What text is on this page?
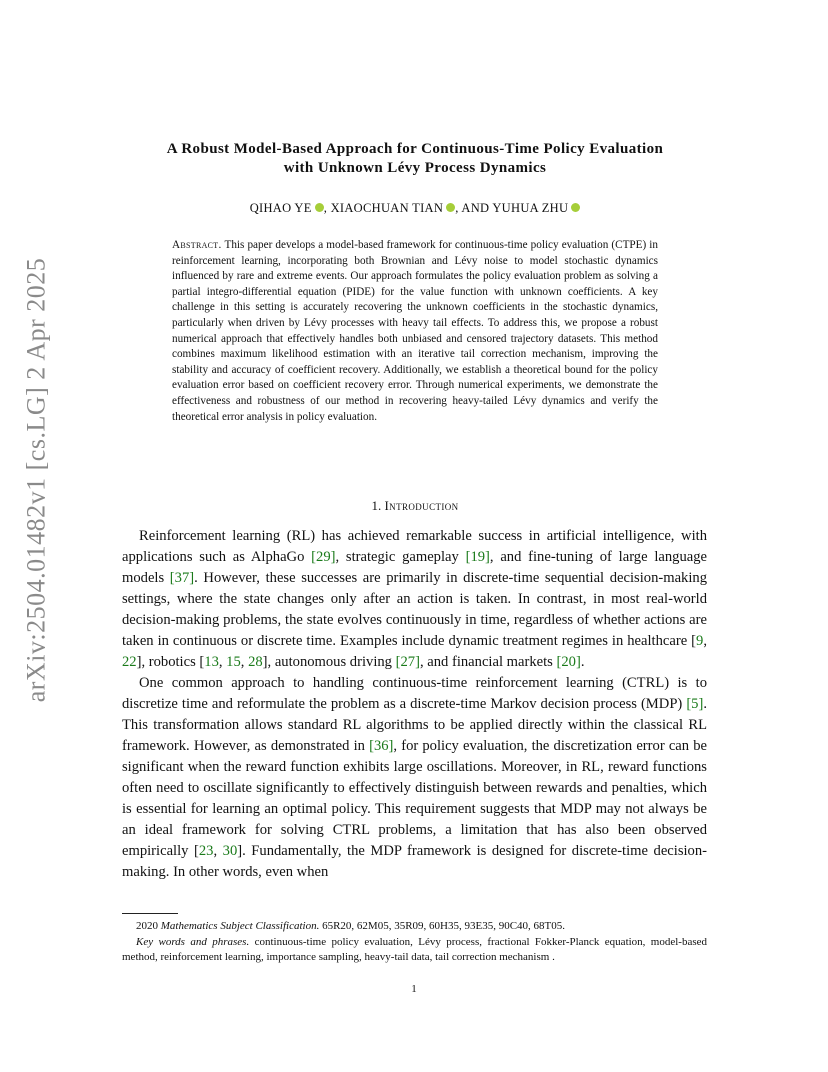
arXiv:2504.01482v1 [cs.LG] 2 Apr 2025
A Robust Model-Based Approach for Continuous-Time Policy Evaluation
with Unknown Lévy Process Dynamics
QIHAO YE , XIAOCHUAN TIAN , AND YUHUA ZHU
Abstract. This paper develops a model-based framework for continuous-time policy evaluation (CTPE) in reinforcement learning, incorporating both Brownian and Lévy noise to model stochastic dynamics influenced by rare and extreme events. Our approach formulates the policy evaluation problem as solving a partial integro-differential equation (PIDE) for the value function with unknown coefficients. A key challenge in this setting is accurately recovering the unknown coefficients in the stochastic dynamics, particularly when driven by Lévy processes with heavy tail effects. To address this, we propose a robust numerical approach that effectively handles both unbiased and censored trajectory datasets. This method combines maximum likelihood estimation with an iterative tail correction mechanism, improving the stability and accuracy of coefficient recovery. Additionally, we establish a theoretical bound for the policy evaluation error based on coefficient recovery error. Through numerical experiments, we demonstrate the effectiveness and robustness of our method in recovering heavy-tailed Lévy dynamics and verify the theoretical error analysis in policy evaluation.
1. Introduction

Reinforcement learning (RL) has achieved remarkable success in artificial intelligence, with applications such as AlphaGo [29], strategic gameplay [19], and fine-tuning of large language models [37]. However, these successes are primarily in discrete-time sequential decision-making settings, where the state changes only after an action is taken. In contrast, in most real-world decision-making problems, the state evolves continuously in time, regardless of whether actions are taken in continuous or discrete time. Examples include dynamic treatment regimes in healthcare [9, 22], robotics [13, 15, 28], autonomous driving [27], and financial markets [20].

One common approach to handling continuous-time reinforcement learning (CTRL) is to discretize time and reformulate the problem as a discrete-time Markov decision process (MDP) [5]. This transformation allows standard RL algorithms to be applied directly within the classical RL framework. However, as demonstrated in [36], for policy evaluation, the discretization error can be significant when the reward function exhibits large oscillations. Moreover, in RL, reward functions often need to oscillate significantly to effectively distinguish between rewards and penalties, which is essential for learning an optimal policy. This requirement suggests that MDP may not always be an ideal framework for solving CTRL problems, a limitation that has also been observed empirically [23, 30]. Fundamentally, the MDP framework is designed for discrete-time decision-making. In other words, even when

2020 Mathematics Subject Classification. 65R20, 62M05, 35R09, 60H35, 93E35, 90C40, 68T05.

Key words and phrases. continuous-time policy evaluation, Lévy process, fractional Fokker-Planck equation, model-based method, reinforcement learning, importance sampling, heavy-tail data, tail correction mechanism .

1
